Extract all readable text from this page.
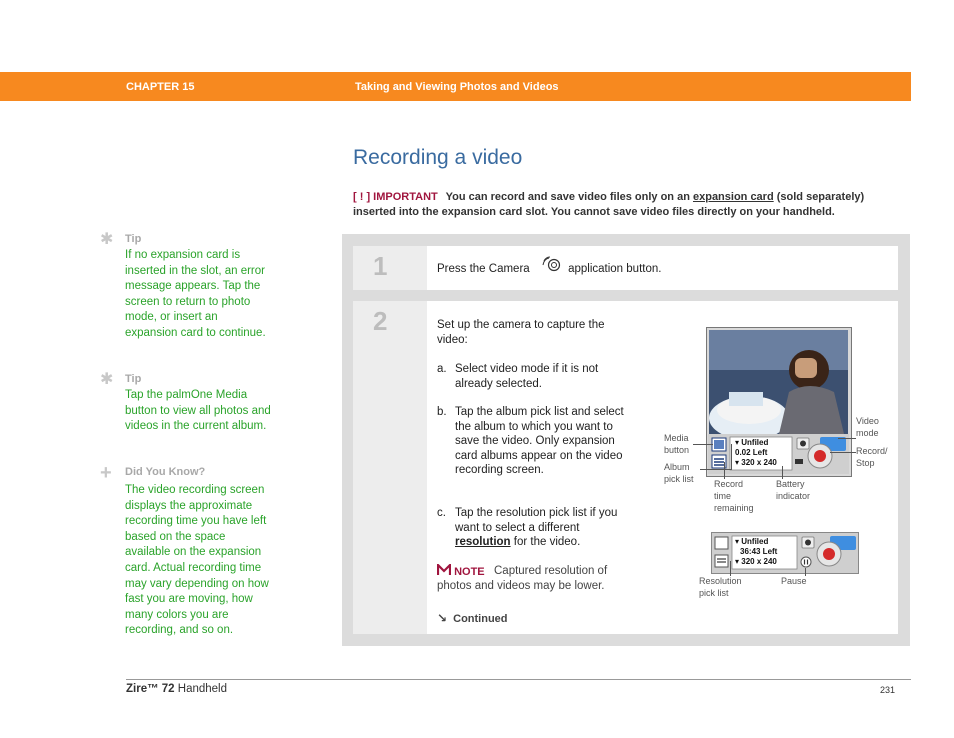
CHAPTER 15	Taking and Viewing Photos and Videos
Recording a video
[ ! ] IMPORTANT You can record and save video files only on an expansion card (sold separately) inserted into the expansion card slot. You cannot save video files directly on your handheld.
✱ Tip
If no expansion card is inserted in the slot, an error message appears. Tap the screen to return to photo mode, or insert an expansion card to continue.
✱ Tip
Tap the palmOne Media button to view all photos and videos in the current album.
+	Did You Know?
The video recording screen displays the approximate recording time you have left based on the space available on the expansion card. Actual recording time may vary depending on how fast you are moving, how many colors you are recording, and so on.
1
2
Press the Camera	application button.
Set up the camera to capture the video:
a. Select video mode if it is not already selected.
b. Tap the album pick list and select the album to which you want to save the video. Only expansion card albums appear on the video recording screen.
c. Tap the resolution pick list if you want to select a different resolution for the video.
▾ Unfiled
0.02 Left
▾ 320 x 240
Video
mode
Media
button
Album
pick list
Record/
Stop
Record
time
remaining
Battery
indicator
▾ Unfiled
36:43 Left
▾ 320 x 240
Resolution
pick list
Pause
NOTE Captured resolution of photos and videos may be lower.
↘ Continued
Zire™ 72 Handheld	231
